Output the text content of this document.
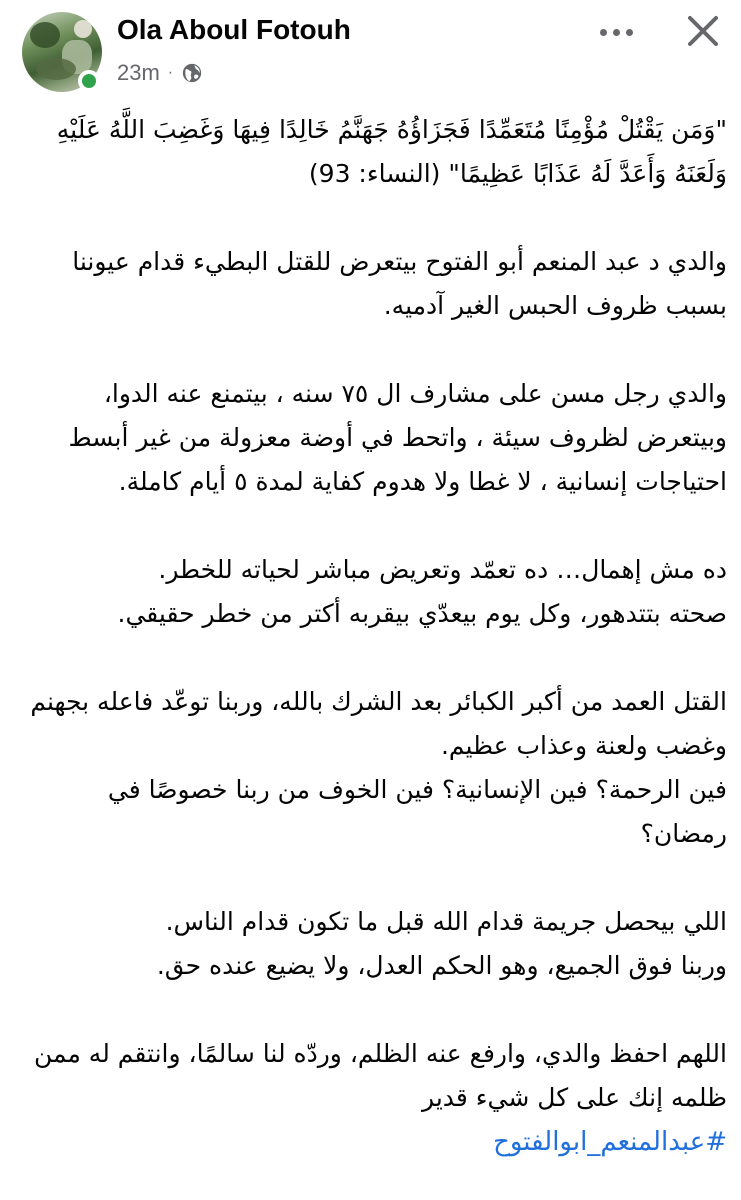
Ola Aboul Fotouh
23m ·

"وَمَن يَقْتُلْ مُؤْمِنًا مُتَعَمِّدًا فَجَزَاؤُهُ جَهَنَّمُ خَالِدًا فِيهَا وَغَضِبَ اللَّهُ عَلَيْهِ وَلَعَنَهُ وَأَعَدَّ لَهُ عَذَابًا عَظِيمًا" (النساء: 93)

والدي د عبد المنعم أبو الفتوح بيتعرض للقتل البطيء قدام عيوننا بسبب ظروف الحبس الغير آدميه.

والدي رجل مسن على مشارف ال ٧٥ سنه ، بيتمنع عنه الدوا، وبيتعرض لظروف سيئة ، واتحط في أوضة معزولة من غير أبسط احتياجات إنسانية ، لا غطا ولا هدوم كفاية لمدة ٥ أيام كاملة.

ده مش إهمال… ده تعمّد وتعريض مباشر لحياته للخطر.

صحته بتتدهور، وكل يوم بيعدّي بيقربه أكتر من خطر حقيقي.

القتل العمد من أكبر الكبائر بعد الشرك بالله، وربنا توعّد فاعله بجهنم وغضب ولعنة وعذاب عظيم.

فين الرحمة؟ فين الإنسانية؟ فين الخوف من ربنا خصوصًا في رمضان؟

اللي بيحصل جريمة قدام الله قبل ما تكون قدام الناس.

وربنا فوق الجميع، وهو الحكم العدل، ولا يضيع عنده حق.

اللهم احفظ والدي، وارفع عنه الظلم، وردّه لنا سالمًا، وانتقم له ممن ظلمه إنك على كل شيء قدير

#عبدالمنعم_ابوالفتوح
